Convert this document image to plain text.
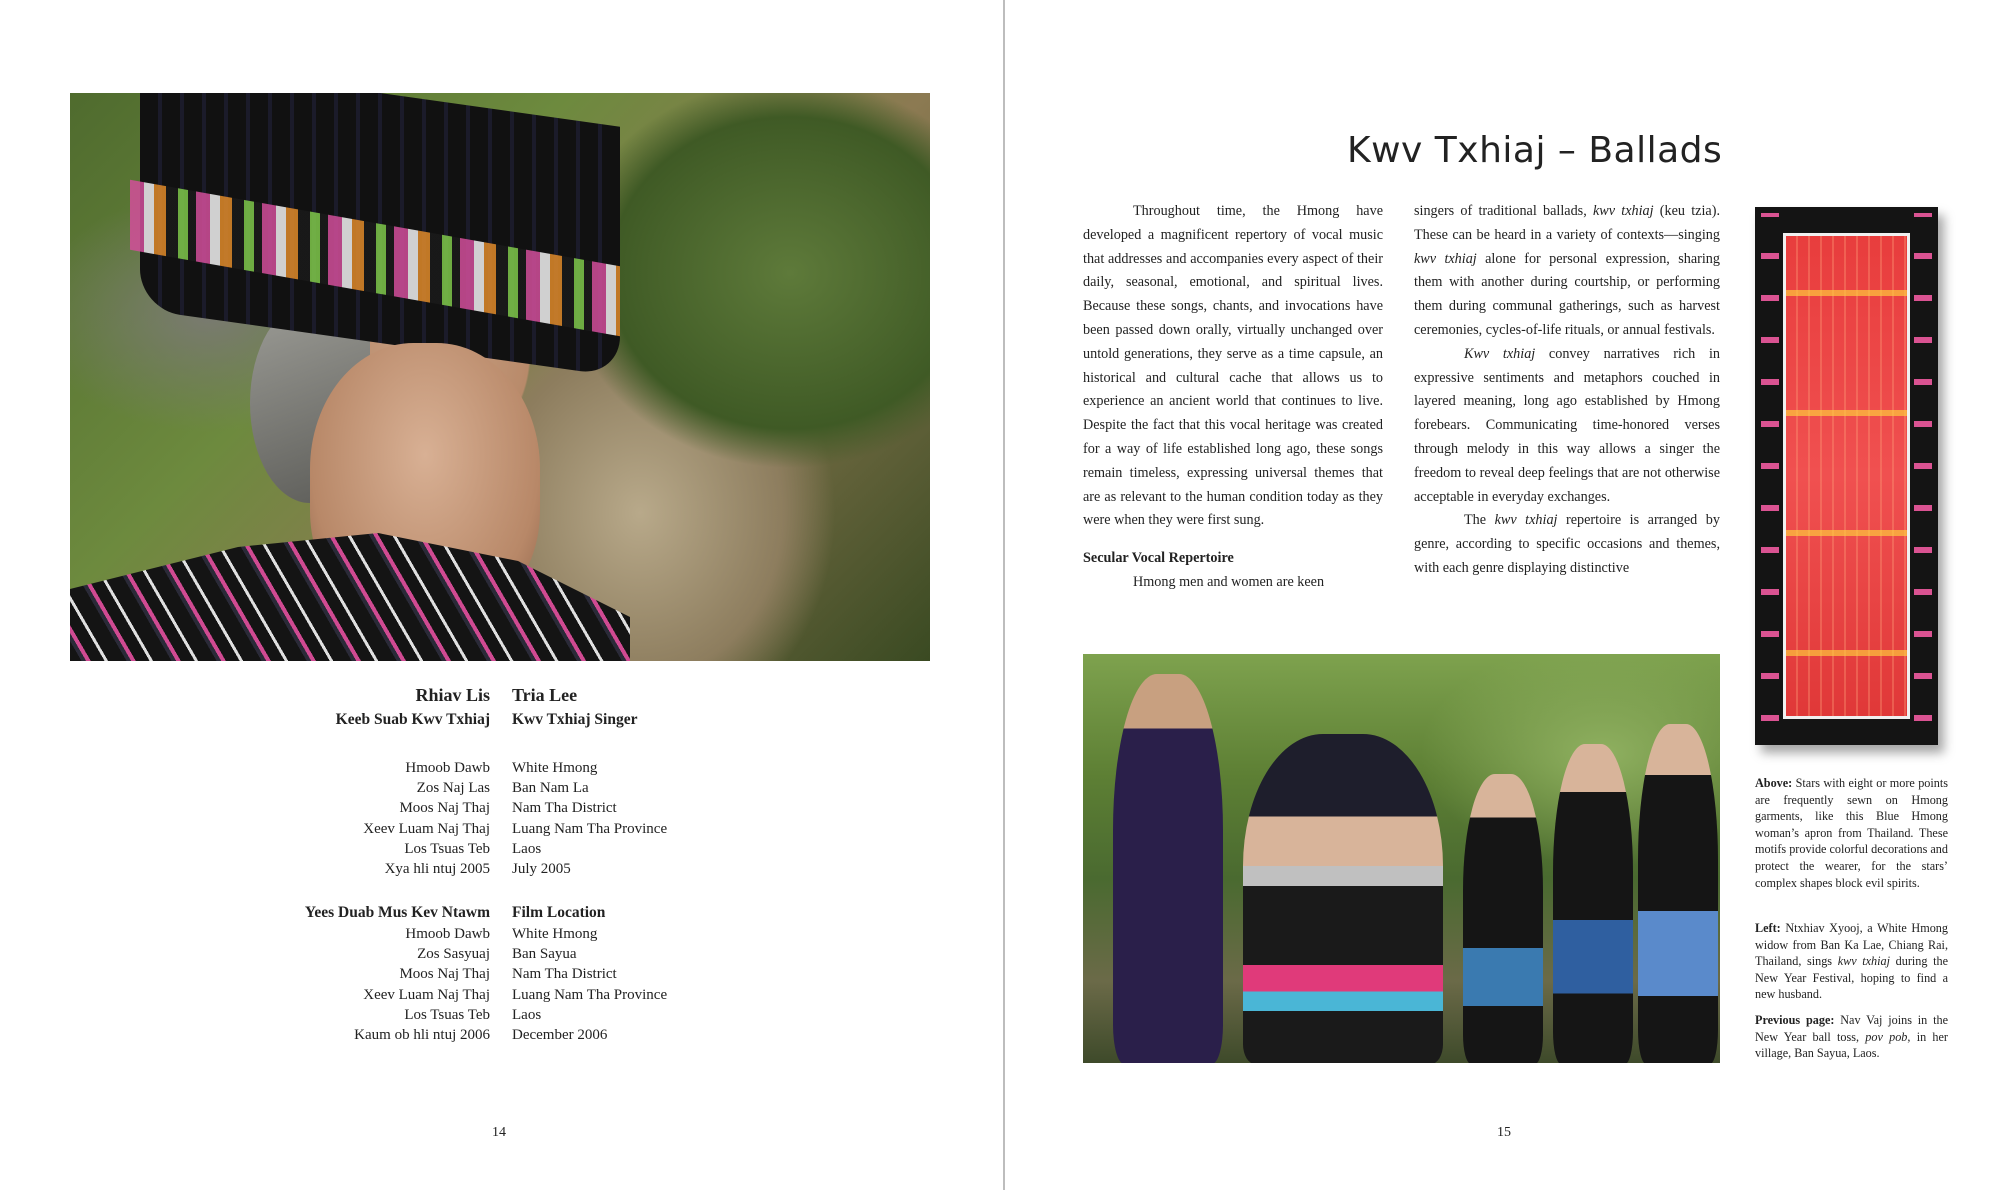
Rhiav Lis
Keeb Suab Kwv Txhiaj
Hmoob Dawb
Zos Naj Las
Moos Naj Thaj
Xeev Luam Naj Thaj
Los Tsuas Teb
Xya hli ntuj 2005
Yees Duab Mus Kev Ntawm
Hmoob Dawb
Zos Sasyuaj
Moos Naj Thaj
Xeev Luam Naj Thaj
Los Tsuas Teb
Kaum ob hli ntuj 2006
Tria Lee
Kwv Txhiaj Singer
White Hmong
Ban Nam La
Nam Tha District
Luang Nam Tha Province
Laos
July 2005
Film Location
White Hmong
Ban Sayua
Nam Tha District
Luang Nam Tha Province
Laos
December 2006
14
Kwv Txhiaj – Ballads

Throughout time, the Hmong have developed a magnificent repertory of vocal music that addresses and accompanies every aspect of their daily, seasonal, emotional, and spiritual lives. Because these songs, chants, and invocations have been passed down orally, virtually unchanged over untold generations, they serve as a time capsule, an historical and cultural cache that allows us to experience an ancient world that continues to live. Despite the fact that this vocal heritage was created for a way of life established long ago, these songs remain timeless, expressing universal themes that are as relevant to the human condition today as they were when they were first sung.

Secular Vocal Repertoire

Hmong men and women are keen

singers of traditional ballads, kwv txhiaj (keu tzia). These can be heard in a variety of contexts—singing kwv txhiaj alone for personal expression, sharing them with another during courtship, or performing them during communal gatherings, such as harvest ceremonies, cycles-of-life rituals, or annual festivals.

Kwv txhiaj convey narratives rich in expressive sentiments and metaphors couched in layered meaning, long ago established by Hmong forebears. Communicating time-honored verses through melody in this way allows a singer the freedom to reveal deep feelings that are not otherwise acceptable in everyday exchanges.

The kwv txhiaj repertoire is arranged by genre, according to specific occasions and themes, with each genre displaying distinctive

Above: Stars with eight or more points are frequently sewn on Hmong garments, like this Blue Hmong woman’s apron from Thailand. These motifs provide colorful decorations and protect the wearer, for the stars’ complex shapes block evil spirits.
Left: Ntxhiav Xyooj, a White Hmong widow from Ban Ka Lae, Chiang Rai, Thailand, sings kwv txhiaj during the New Year Festival, hoping to find a new husband.
Previous page: Nav Vaj joins in the New Year ball toss, pov pob, in her village, Ban Sayua, Laos.
15
